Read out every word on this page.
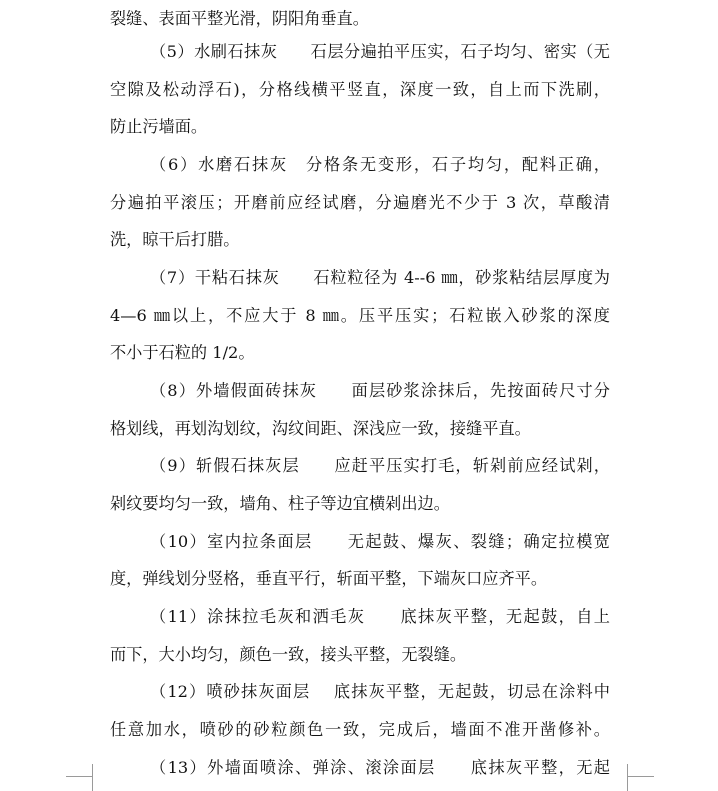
裂缝、表面平整光滑，阴阳角垂直。
（5）水刷石抹灰　　石层分遍拍平压实，石子均匀、密实（无
空隙及松动浮石)，分格线横平竖直，深度一致，自上而下洗刷，
防止污墙面。
（6）水磨石抹灰　分格条无变形，石子均匀，配料正确，
分遍拍平滚压；开磨前应经试磨，分遍磨光不少于 3 次，草酸清
洗，晾干后打腊。
（7）干粘石抹灰　　石粒粒径为 4--6 ㎜，砂浆粘结层厚度为
4—6 ㎜以上，不应大于 8 ㎜。压平压实；石粒嵌入砂浆的深度
不小于石粒的 1/2。
（8）外墙假面砖抹灰　　面层砂浆涂抹后，先按面砖尺寸分
格划线，再划沟划纹，沟纹间距、深浅应一致，接缝平直。
（9）斩假石抹灰层　　应赶平压实打毛，斩剁前应经试剁，
剁纹要均匀一致，墙角、柱子等边宜横剁出边。
（10）室内拉条面层　　无起鼓、爆灰、裂缝；确定拉模宽
度，弹线划分竖格，垂直平行，斩面平整，下端灰口应齐平。
（11）涂抹拉毛灰和洒毛灰　　底抹灰平整，无起鼓，自上
而下，大小均匀，颜色一致，接头平整，无裂缝。
（12）喷砂抹灰面层　 底抹灰平整，无起鼓，切忌在涂料中
任意加水，喷砂的砂粒颜色一致，完成后，墙面不准开凿修补。
（13）外墙面喷涂、弹涂、滚涂面层　　底抹灰平整，无起
